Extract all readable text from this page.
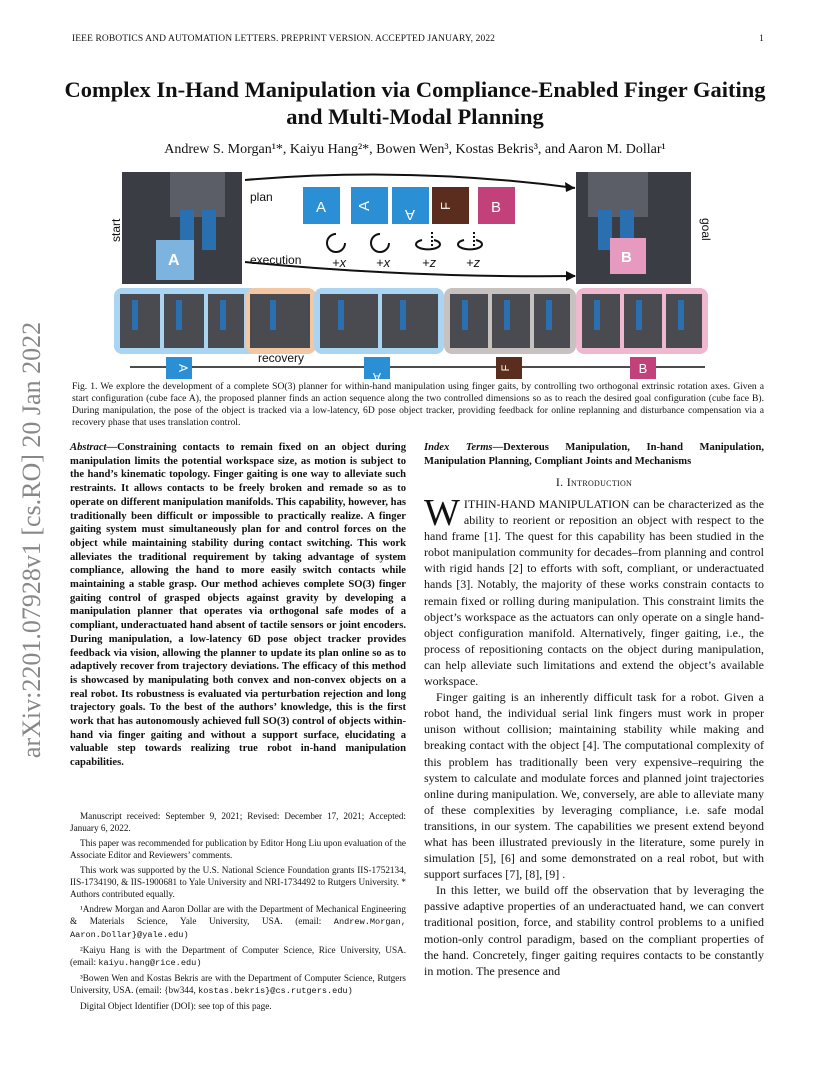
IEEE ROBOTICS AND AUTOMATION LETTERS. PREPRINT VERSION. ACCEPTED JANUARY, 2022	1
Complex In-Hand Manipulation via Compliance-Enabled Finger Gaiting and Multi-Modal Planning
Andrew S. Morgan¹*, Kaiyu Hang²*, Bowen Wen³, Kostas Bekris³, and Aaron M. Dollar¹
arXiv:2201.07928v1 [cs.RO] 20 Jan 2022
A
start
B
goal
plan
A A A F	B
+x +x +z +z
execution
A
A
F	B
recovery
Fig. 1. We explore the development of a complete SO(3) planner for within-hand manipulation using finger gaits, by controlling two orthogonal extrinsic rotation axes. Given a start configuration (cube face A), the proposed planner finds an action sequence along the two controlled dimensions so as to reach the desired goal configuration (cube face B). During manipulation, the pose of the object is tracked via a low-latency, 6D pose object tracker, providing feedback for online replanning and disturbance compensation via a recovery phase that uses translation control.
Abstract—Constraining contacts to remain fixed on an object during manipulation limits the potential workspace size, as motion is subject to the hand’s kinematic topology. Finger gaiting is one way to alleviate such restraints. It allows contacts to be freely broken and remade so as to operate on different manipulation manifolds. This capability, however, has traditionally been difficult or impossible to practically realize. A finger gaiting system must simultaneously plan for and control forces on the object while maintaining stability during contact switching. This work alleviates the traditional requirement by taking advantage of system compliance, allowing the hand to more easily switch contacts while maintaining a stable grasp. Our method achieves complete SO(3) finger gaiting control of grasped objects against gravity by developing a manipulation planner that operates via orthogonal safe modes of a compliant, underactuated hand absent of tactile sensors or joint encoders. During manipulation, a low-latency 6D pose object tracker provides feedback via vision, allowing the planner to update its plan online so as to adaptively recover from trajectory deviations. The efficacy of this method is showcased by manipulating both convex and non-convex objects on a real robot. Its robustness is evaluated via perturbation rejection and long trajectory goals. To the best of the authors’ knowledge, this is the first work that has autonomously achieved full SO(3) control of objects within-hand via finger gaiting and without a support surface, elucidating a valuable step towards realizing true robot in-hand manipulation capabilities.

Manuscript received: September 9, 2021; Revised: December 17, 2021; Accepted: January 6, 2022.

This paper was recommended for publication by Editor Hong Liu upon evaluation of the Associate Editor and Reviewers’ comments.

This work was supported by the U.S. National Science Foundation grants IIS-1752134, IIS-1734190, & IIS-1900681 to Yale University and NRI-1734492 to Rutgers University. * Authors contributed equally.

¹Andrew Morgan and Aaron Dollar are with the Department of Mechanical Engineering & Materials Science, Yale University, USA. (email: Andrew.Morgan, Aaron.Dollar}@yale.edu)

²Kaiyu Hang is with the Department of Computer Science, Rice University, USA. (email: kaiyu.hang@rice.edu)

³Bowen Wen and Kostas Bekris are with the Department of Computer Science, Rutgers University, USA. (email: {bw344, kostas.bekris}@cs.rutgers.edu)

Digital Object Identifier (DOI): see top of this page.

Index Terms—Dexterous Manipulation, In-hand Manipulation, Manipulation Planning, Compliant Joints and Mechanisms
I. Introduction

WITHIN-HAND MANIPULATION can be characterized as the ability to reorient or reposition an object with respect to the hand frame [1]. The quest for this capability has been studied in the robot manipulation community for decades–from planning and control with rigid hands [2] to efforts with soft, compliant, or underactuated hands [3]. Notably, the majority of these works constrain contacts to remain fixed or rolling during manipulation. This constraint limits the object’s workspace as the actuators can only operate on a single hand-object configuration manifold. Alternatively, finger gaiting, i.e., the process of repositioning contacts on the object during manipulation, can help alleviate such limitations and extend the object’s available workspace.

Finger gaiting is an inherently difficult task for a robot. Given a robot hand, the individual serial link fingers must work in proper unison without collision; maintaining stability while making and breaking contact with the object [4]. The computational complexity of this problem has traditionally been very expensive–requiring the system to calculate and modulate forces and planned joint trajectories online during manipulation. We, conversely, are able to alleviate many of these complexities by leveraging compliance, i.e. safe modal transitions, in our system. The capabilities we present extend beyond what has been illustrated previously in the literature, some purely in simulation [5], [6] and some demonstrated on a real robot, but with support surfaces [7], [8], [9] .

In this letter, we build off the observation that by leveraging the passive adaptive properties of an underactuated hand, we can convert traditional position, force, and stability control problems to a unified motion-only control paradigm, based on the compliant properties of the hand. Concretely, finger gaiting requires contacts to be constantly in motion. The presence and
